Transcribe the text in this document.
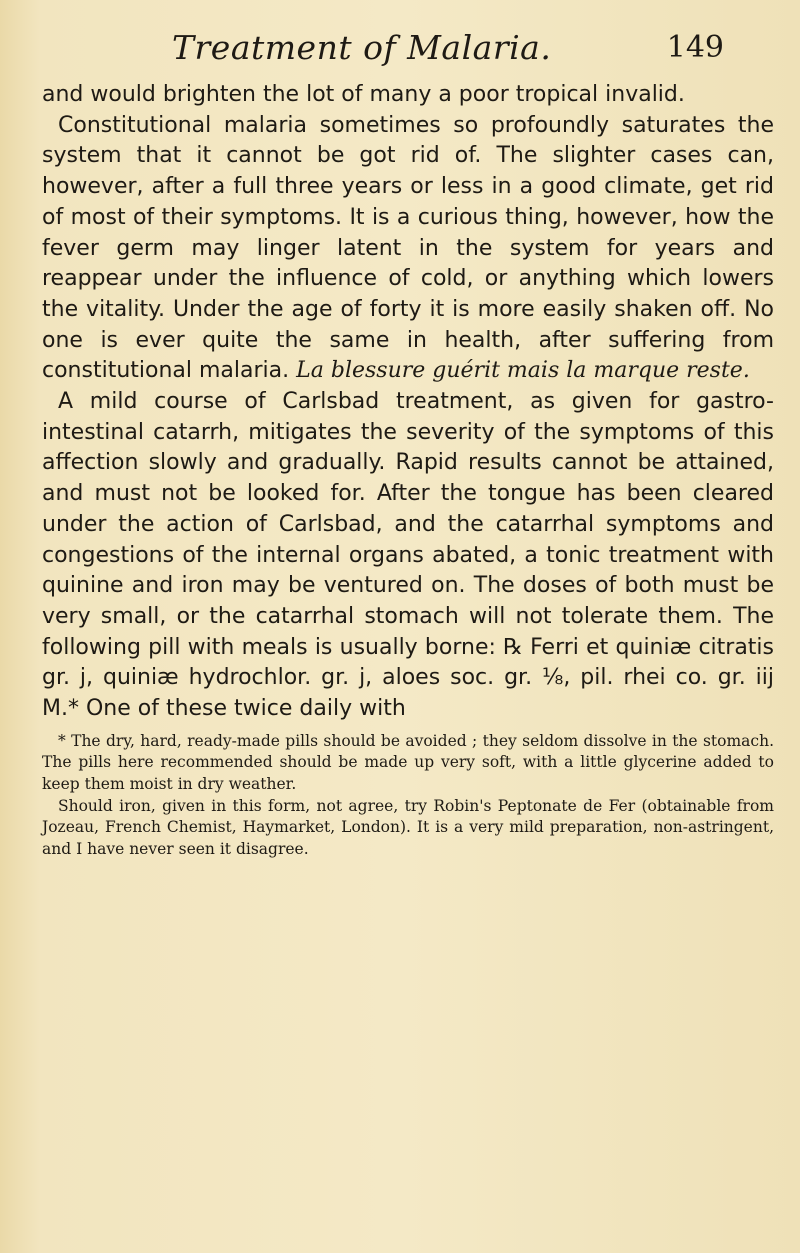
Treatment of Malaria.	149

and would brighten the lot of many a poor tropical invalid.

Constitutional malaria sometimes so profoundly saturates the system that it cannot be got rid of. The slighter cases can, however, after a full three years or less in a good climate, get rid of most of their symptoms. It is a curious thing, however, how the fever germ may linger latent in the system for years and reappear under the influence of cold, or anything which lowers the vitality. Under the age of forty it is more easily shaken off. No one is ever quite the same in health, after suffering from constitutional malaria. La blessure guérit mais la marque reste.

A mild course of Carlsbad treatment, as given for gastro-intestinal catarrh, mitigates the severity of the symptoms of this affection slowly and gradually. Rapid results cannot be attained, and must not be looked for. After the tongue has been cleared under the action of Carlsbad, and the catarrhal symptoms and congestions of the internal organs abated, a tonic treatment with quinine and iron may be ventured on. The doses of both must be very small, or the catarrhal stomach will not tolerate them. The following pill with meals is usually borne: ℞ Ferri et quiniæ citratis gr. j, quiniæ hydrochlor. gr. j, aloes soc. gr. ⅛, pil. rhei co. gr. iij M.* One of these twice daily with

* The dry, hard, ready-made pills should be avoided ; they seldom dissolve in the stomach. The pills here recommended should be made up very soft, with a little glycerine added to keep them moist in dry weather.

Should iron, given in this form, not agree, try Robin's Peptonate de Fer (obtainable from Jozeau, French Chemist, Haymarket, London). It is a very mild preparation, non-astringent, and I have never seen it disagree.
